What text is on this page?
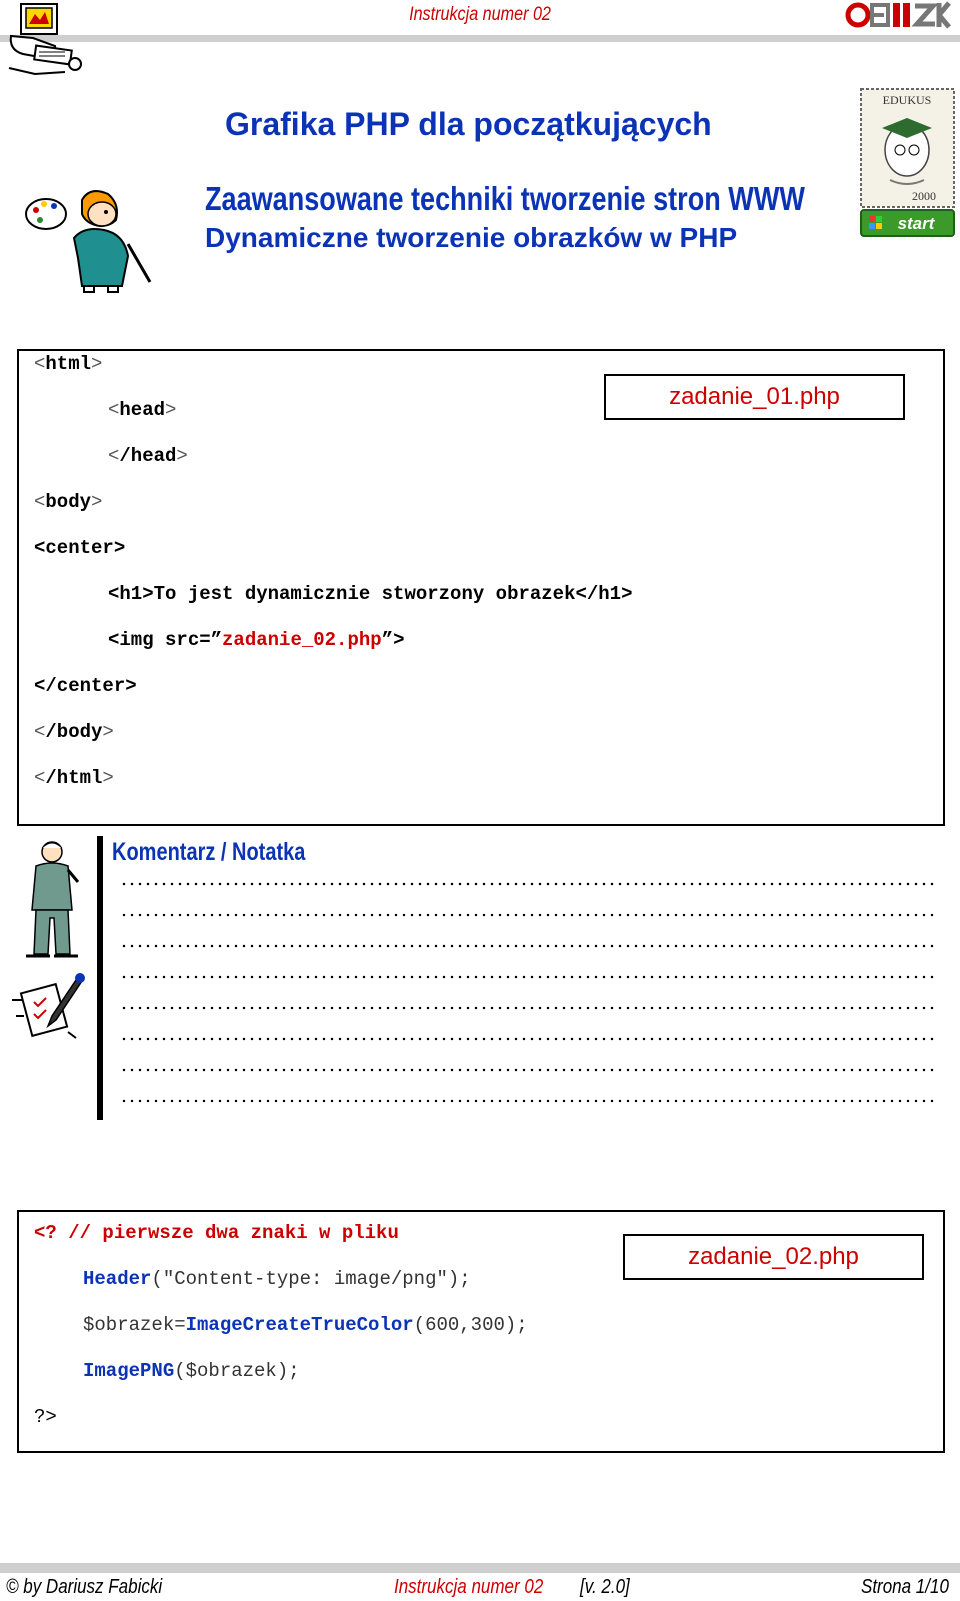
Instrukcja numer 02
Grafika PHP dla początkujących
Zaawansowane techniki tworzenie stron WWW
Dynamiczne tworzenie obrazków w PHP
EDUKUS
2000
start
zadanie_01.php
<html>
<head>
</head>
<body>
<center>
<h1>To jest dynamicznie stworzony obrazek</h1>
<img src=”zadanie_02.php”>
</center>
</body>
</html>
Komentarz / Notatka
zadanie_02.php
<? // pierwsze dwa znaki w pliku
Header("Content-type: image/png");
$obrazek=ImageCreateTrueColor(600,300);
ImagePNG($obrazek);
?>
© by Dariusz Fabicki	Instrukcja numer 02 [v. 2.0]	Strona 1/10
